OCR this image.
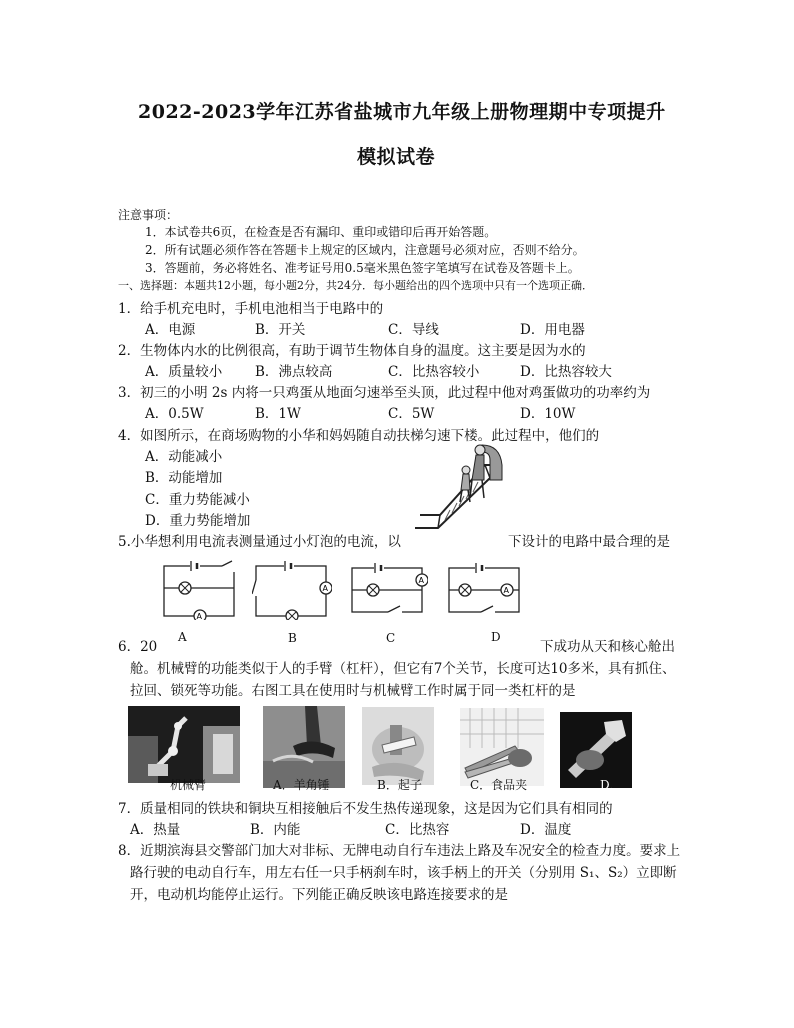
2022-2023学年江苏省盐城市九年级上册物理期中专项提升
模拟试卷
注意事项：
1．本试卷共6页，在检查是否有漏印、重印或错印后再开始答题。
2．所有试题必须作答在答题卡上规定的区域内，注意题号必须对应，否则不给分。
3．答题前，务必将姓名、准考证号用0.5毫米黑色签字笔填写在试卷及答题卡上。
一、选择题：本题共12小题，每小题2分，共24分．每小题给出的四个选项中只有一个选项正确．
1．给手机充电时，手机电池相当于电路中的
A．电源	B．开关	C．导线	D．用电器
2．生物体内水的比例很高，有助于调节生物体自身的温度。这主要是因为水的
A．质量较小 B．沸点较高	C．比热容较小	D．比热容较大
3．初三的小明 2s 内将一只鸡蛋从地面匀速举至头顶，此过程中他对鸡蛋做功的功率约为
A．0.5W	B．1W	C．5W	D．10W
4．如图所示，在商场购物的小华和妈妈随自动扶梯匀速下楼。此过程中，他们的
A．动能减小
B．动能增加
C．重力势能减小
D．重力势能增加
5.小华想利用电流表测量通过小灯泡的电流，以	下设计的电路中最合理的是
A
A
A
A
A	B	C	D
6．20	下成功从天和核心舱出
舱。机械臂的功能类似于人的手臂（杠杆），但它有7个关节，长度可达10多米，具有抓住、
拉回、锁死等功能。右图工具在使用时与机械臂工作时属于同一类杠杆的是
机械臂	A．羊角锤	B．起子	C．食品夹	D．
7．质量相同的铁块和铜块互相接触后不发生热传递现象，这是因为它们具有相同的
A．热量	B．内能	C．比热容	D．温度
8．近期滨海县交警部门加大对非标、无牌电动自行车违法上路及车况安全的检查力度。要求上
路行驶的电动自行车，用左右任一只手柄刹车时，该手柄上的开关（分别用 S₁、S₂）立即断
开，电动机均能停止运行。下列能正确反映该电路连接要求的是
